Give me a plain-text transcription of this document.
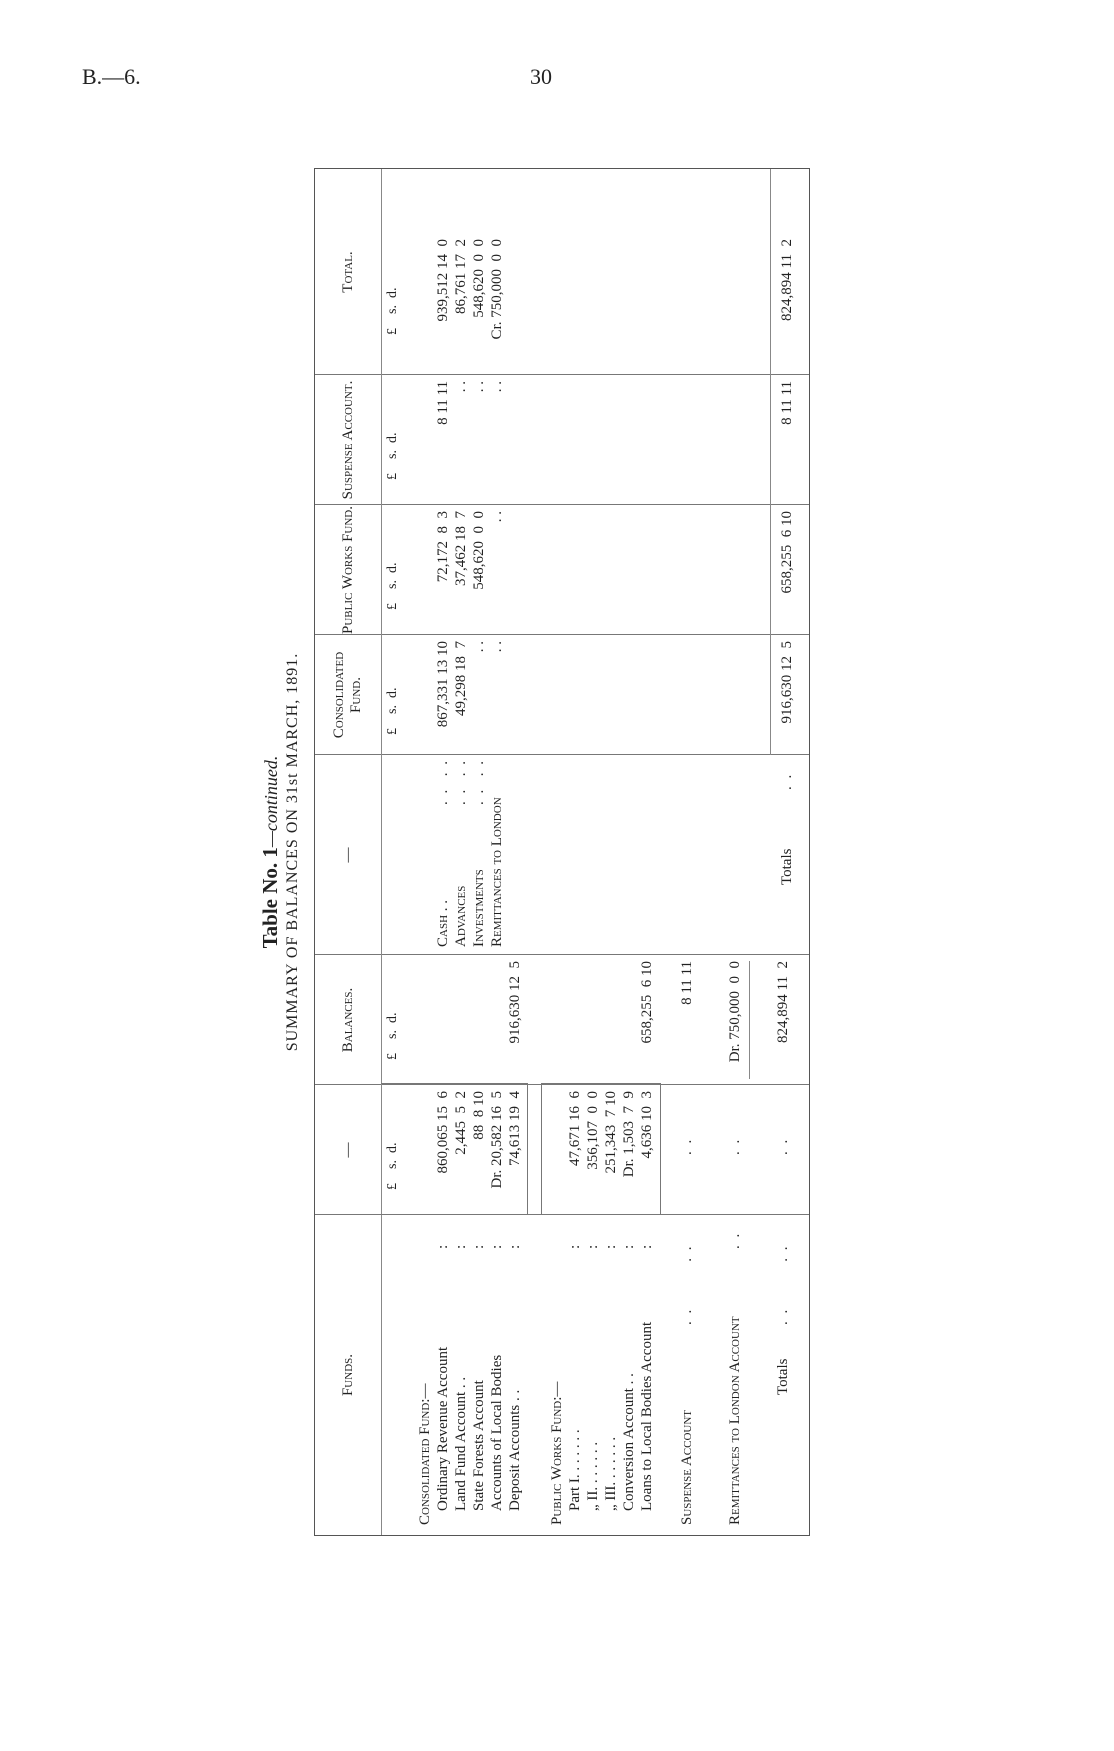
B.—6.	30
Table No. 1—continued. SUMMARY OF BALANCES ON 31st MARCH, 1891.
Funds.
—
Balances.
—
Consolidated Fund.
Public Works Fund.
Suspense Account.
Total.
£    s.  d.
£    s.  d.
£    s.  d.
£    s.  d.
£    s.  d.
£    s.  d.
Consolidated Fund:— Ordinary Revenue Account Land Fund Account . . State Forests Account Accounts of Local Bodies Deposit Accounts . .
: : : : :
860,065 15  6 2,445  5  2 88  8 10 Dr. 20,582 16  5 74,613 19  4
916,630 12  5
Public Works Fund:— Part I. . . . . . . „ II. . . . . . . „ III. . . . . . . Conversion Account . . Loans to Local Bodies Account
: : : : :
47,671 16  6 356,107  0  0 251,343  7 10 Dr. 1,503  7  9 4,636 10  3
658,255  6 10
Suspense Account
. .        . .
. .
8 11 11
Remittances to London Account
. .
. .
Dr. 750,000  0  0
Totals
. .        . .
. .
824,894 11  2
Cash . . Advances Investments Remittances to London
. .  . . . .  . . . .  . .
867,331 13 10 49,298 18  7 . . . .
72,172  8  3 37,462 18  7 548,620  0  0 . .
8 11 11 . . . . . .
939,512 14  0 86,761 17  2 548,620  0  0 Cr. 750,000  0  0
Totals
. .
916,630 12  5
658,255  6 10
8 11 11
824,894 11  2
